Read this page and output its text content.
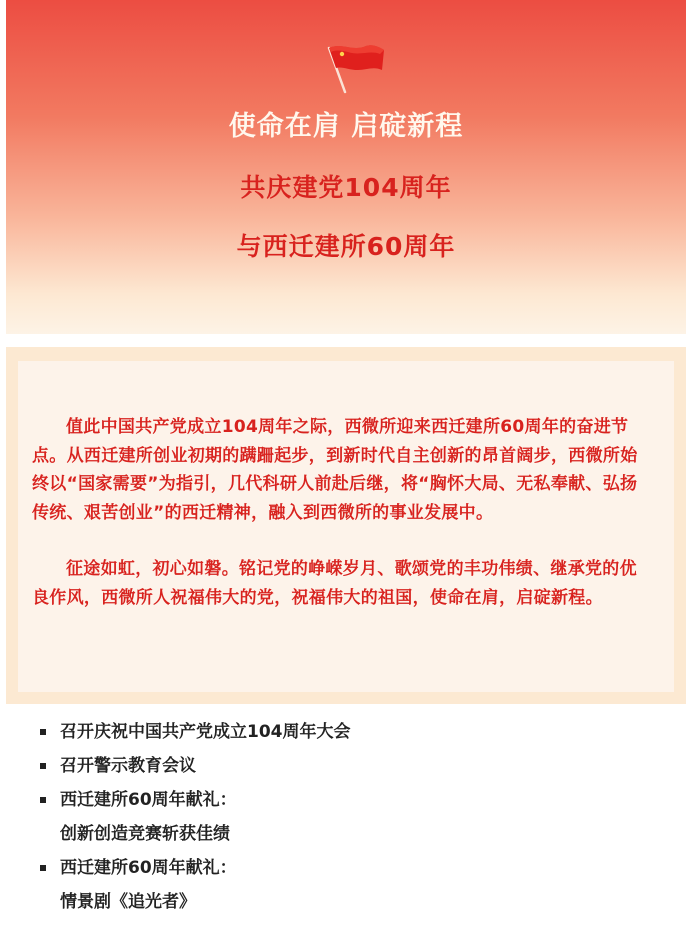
使命在肩 启碇新程
共庆建党104周年
与西迁建所60周年

值此中国共产党成立104周年之际，西微所迎来西迁建所60周年的奋进节点。从西迁建所创业初期的蹒跚起步，到新时代自主创新的昂首阔步，西微所始终以“国家需要”为指引，几代科研人前赴后继，将“胸怀大局、无私奉献、弘扬传统、艰苦创业”的西迁精神，融入到西微所的事业发展中。

征途如虹，初心如磐。铭记党的峥嵘岁月、歌颂党的丰功伟绩、继承党的优良作风，西微所人祝福伟大的党，祝福伟大的祖国，使命在肩，启碇新程。

召开庆祝中国共产党成立104周年大会
召开警示教育会议
西迁建所60周年献礼：
创新创造竞赛斩获佳绩
西迁建所60周年献礼：
情景剧《追光者》
